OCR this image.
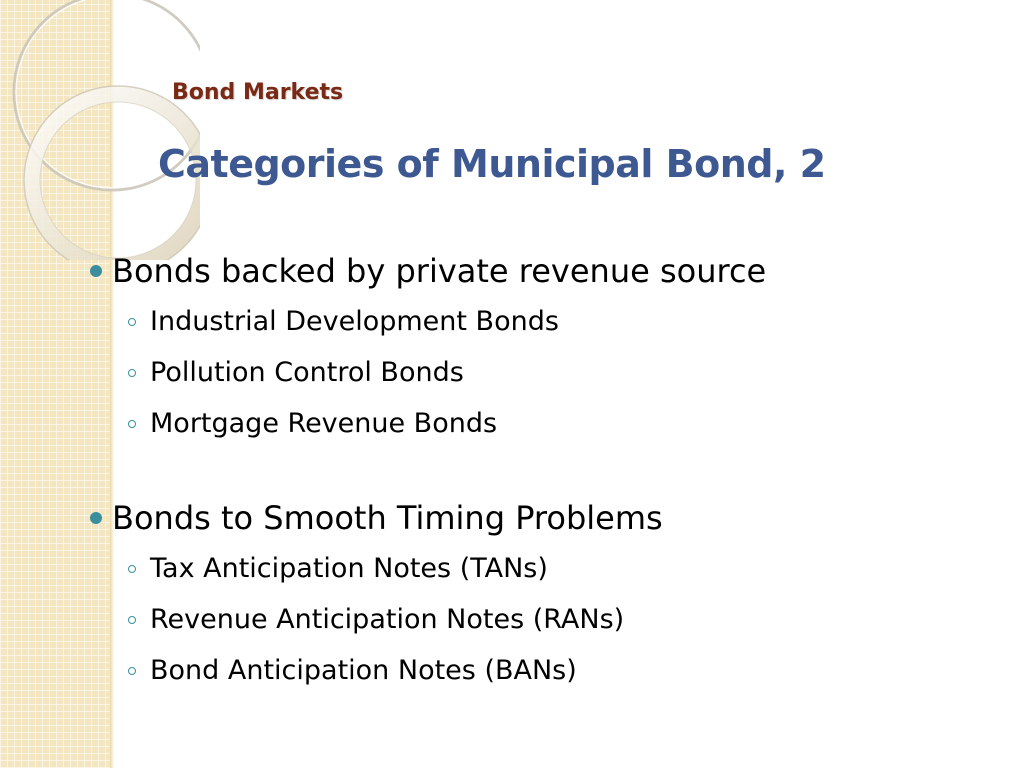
Bond Markets
Categories of Municipal Bond, 2
Bonds backed by private revenue source
Industrial Development Bonds
Pollution Control Bonds
Mortgage Revenue Bonds
Bonds to Smooth Timing Problems
Tax Anticipation Notes (TANs)
Revenue Anticipation Notes (RANs)
Bond Anticipation Notes (BANs)
